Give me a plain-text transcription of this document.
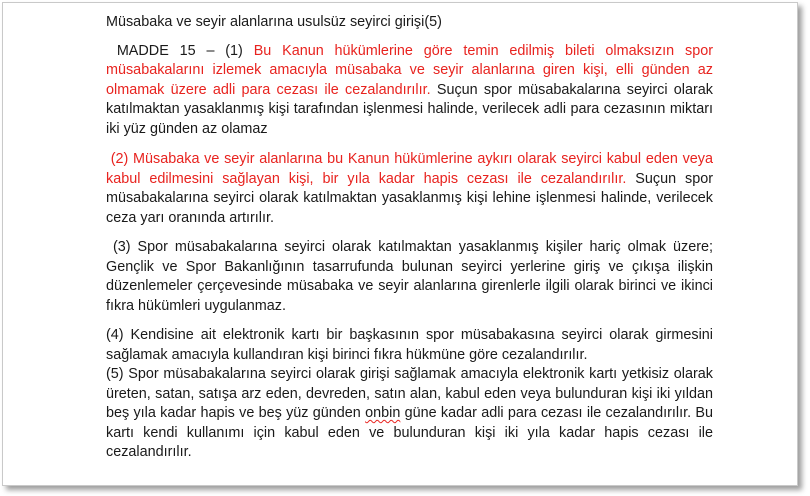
Müsabaka ve seyir alanlarına usulsüz seyirci girişi(5)

MADDE 15 – (1) Bu Kanun hükümlerine göre temin edilmiş bileti olmaksızın spor müsabakalarını izlemek amacıyla müsabaka ve seyir alanlarına giren kişi, elli günden az olmamak üzere adli para cezası ile cezalandırılır. Suçun spor müsabakalarına seyirci olarak katılmaktan yasaklanmış kişi tarafından işlenmesi halinde, verilecek adli para cezasının miktarı iki yüz günden az olamaz

(2) Müsabaka ve seyir alanlarına bu Kanun hükümlerine aykırı olarak seyirci kabul eden veya kabul edilmesini sağlayan kişi, bir yıla kadar hapis cezası ile cezalandırılır. Suçun spor müsabakalarına seyirci olarak katılmaktan yasaklanmış kişi lehine işlenmesi halinde, verilecek ceza yarı oranında artırılır.

(3) Spor müsabakalarına seyirci olarak katılmaktan yasaklanmış kişiler hariç olmak üzere; Gençlik ve Spor Bakanlığının tasarrufunda bulunan seyirci yerlerine giriş ve çıkışa ilişkin düzenlemeler çerçevesinde müsabaka ve seyir alanlarına girenlerle ilgili olarak birinci ve ikinci fıkra hükümleri uygulanmaz.

(4) Kendisine ait elektronik kartı bir başkasının spor müsabakasına seyirci olarak girmesini sağlamak amacıyla kullandıran kişi birinci fıkra hükmüne göre cezalandırılır.

(5) Spor müsabakalarına seyirci olarak girişi sağlamak amacıyla elektronik kartı yetkisiz olarak üreten, satan, satışa arz eden, devreden, satın alan, kabul eden veya bulunduran kişi iki yıldan beş yıla kadar hapis ve beş yüz günden onbin güne kadar adli para cezası ile cezalandırılır. Bu kartı kendi kullanımı için kabul eden ve bulunduran kişi iki yıla kadar hapis cezası ile cezalandırılır.
